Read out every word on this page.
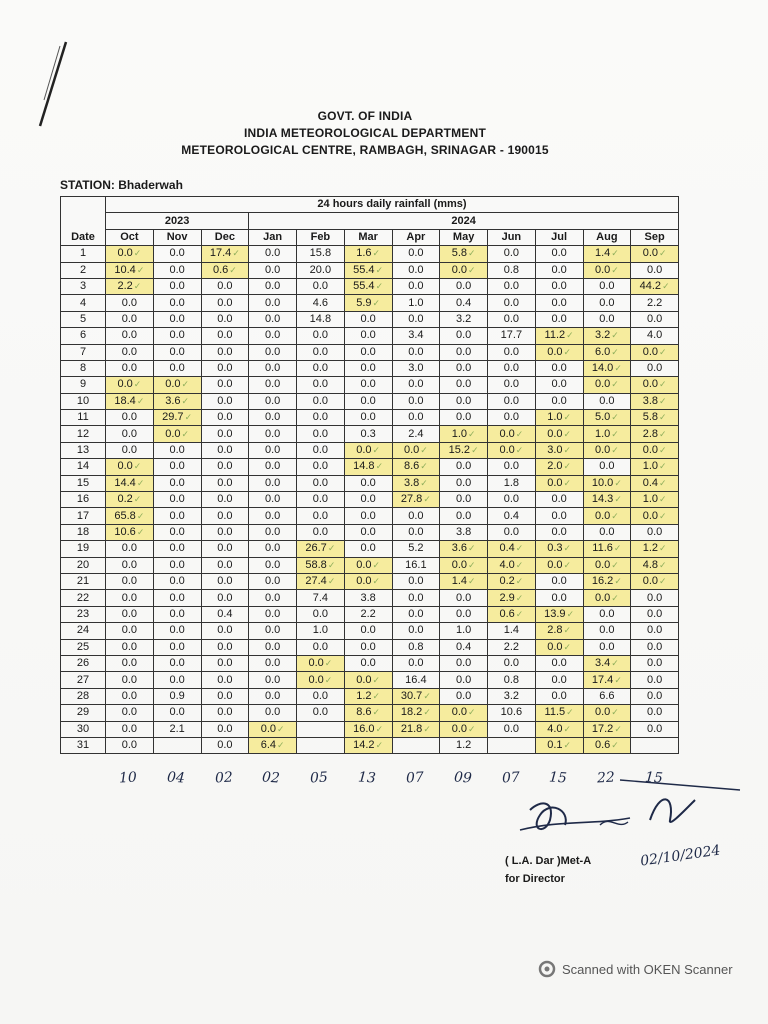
GOVT. OF INDIA
INDIA METEOROLOGICAL DEPARTMENT
METEOROLOGICAL CENTRE, RAMBAGH, SRINAGAR - 190015
STATION: Bhaderwah
Date	24 hours daily rainfall (mms)											
	2023			2024								
	Oct	Nov	Dec	Jan	Feb	Mar	Apr	May	Jun	Jul	Aug	Sep
1	0.0✓	0.0	17.4✓	0.0	15.8	1.6✓	0.0	5.8✓	0.0	0.0	1.4✓	0.0✓
2	10.4✓	0.0	0.6✓	0.0	20.0	55.4✓	0.0	0.0✓	0.8	0.0	0.0✓	0.0
3	2.2✓	0.0	0.0	0.0	0.0	55.4✓	0.0	0.0	0.0	0.0	0.0	44.2✓
4	0.0	0.0	0.0	0.0	4.6	5.9✓	1.0	0.4	0.0	0.0	0.0	2.2
5	0.0	0.0	0.0	0.0	14.8	0.0	0.0	3.2	0.0	0.0	0.0	0.0
6	0.0	0.0	0.0	0.0	0.0	0.0	3.4	0.0	17.7	11.2✓	3.2✓	4.0
7	0.0	0.0	0.0	0.0	0.0	0.0	0.0	0.0	0.0	0.0✓	6.0✓	0.0✓
8	0.0	0.0	0.0	0.0	0.0	0.0	3.0	0.0	0.0	0.0	14.0✓	0.0
9	0.0✓	0.0✓	0.0	0.0	0.0	0.0	0.0	0.0	0.0	0.0	0.0✓	0.0✓
10	18.4✓	3.6✓	0.0	0.0	0.0	0.0	0.0	0.0	0.0	0.0	0.0	3.8✓
11	0.0	29.7✓	0.0	0.0	0.0	0.0	0.0	0.0	0.0	1.0✓	5.0✓	5.8✓
12	0.0	0.0✓	0.0	0.0	0.0	0.3	2.4	1.0✓	0.0✓	0.0✓	1.0✓	2.8✓
13	0.0	0.0	0.0	0.0	0.0	0.0✓	0.0✓	15.2✓	0.0✓	3.0✓	0.0✓	0.0✓
14	0.0✓	0.0	0.0	0.0	0.0	14.8✓	8.6✓	0.0	0.0	2.0✓	0.0	1.0✓
15	14.4✓	0.0	0.0	0.0	0.0	0.0	3.8✓	0.0	1.8	0.0✓	10.0✓	0.4✓
16	0.2✓	0.0	0.0	0.0	0.0	0.0	27.8✓	0.0	0.0	0.0	14.3✓	1.0✓
17	65.8✓	0.0	0.0	0.0	0.0	0.0	0.0	0.0	0.4	0.0	0.0✓	0.0✓
18	10.6✓	0.0	0.0	0.0	0.0	0.0	0.0	3.8	0.0	0.0	0.0	0.0
19	0.0	0.0	0.0	0.0	26.7✓	0.0	5.2	3.6✓	0.4✓	0.3✓	11.6✓	1.2✓
20	0.0	0.0	0.0	0.0	58.8✓	0.0✓	16.1	0.0✓	4.0✓	0.0✓	0.0✓	4.8✓
21	0.0	0.0	0.0	0.0	27.4✓	0.0✓	0.0	1.4✓	0.2✓	0.0	16.2✓	0.0✓
22	0.0	0.0	0.0	0.0	7.4	3.8	0.0	0.0	2.9✓	0.0	0.0✓	0.0
23	0.0	0.0	0.4	0.0	0.0	2.2	0.0	0.0	0.6✓	13.9✓	0.0	0.0
24	0.0	0.0	0.0	0.0	1.0	0.0	0.0	1.0	1.4	2.8✓	0.0	0.0
25	0.0	0.0	0.0	0.0	0.0	0.0	0.8	0.4	2.2	0.0✓	0.0	0.0
26	0.0	0.0	0.0	0.0	0.0✓	0.0	0.0	0.0	0.0	0.0	3.4✓	0.0
27	0.0	0.0	0.0	0.0	0.0✓	0.0✓	16.4	0.0	0.8	0.0	17.4✓	0.0
28	0.0	0.9	0.0	0.0	0.0	1.2✓	30.7✓	0.0	3.2	0.0	6.6	0.0
29	0.0	0.0	0.0	0.0	0.0	8.6✓	18.2✓	0.0✓	10.6	11.5✓	0.0✓	0.0
30	0.0	2.1	0.0	0.0✓		16.0✓	21.8✓	0.0✓	0.0	4.0✓	17.2✓	0.0
31	0.0		0.0	6.4✓		14.2✓		1.2		0.1✓	0.6✓	
10 04 02 02 05 13 07 09 07 15 22 15
( L.A. Dar )Met-A
for Director
02/10/2024
Scanned with OKEN Scanner
